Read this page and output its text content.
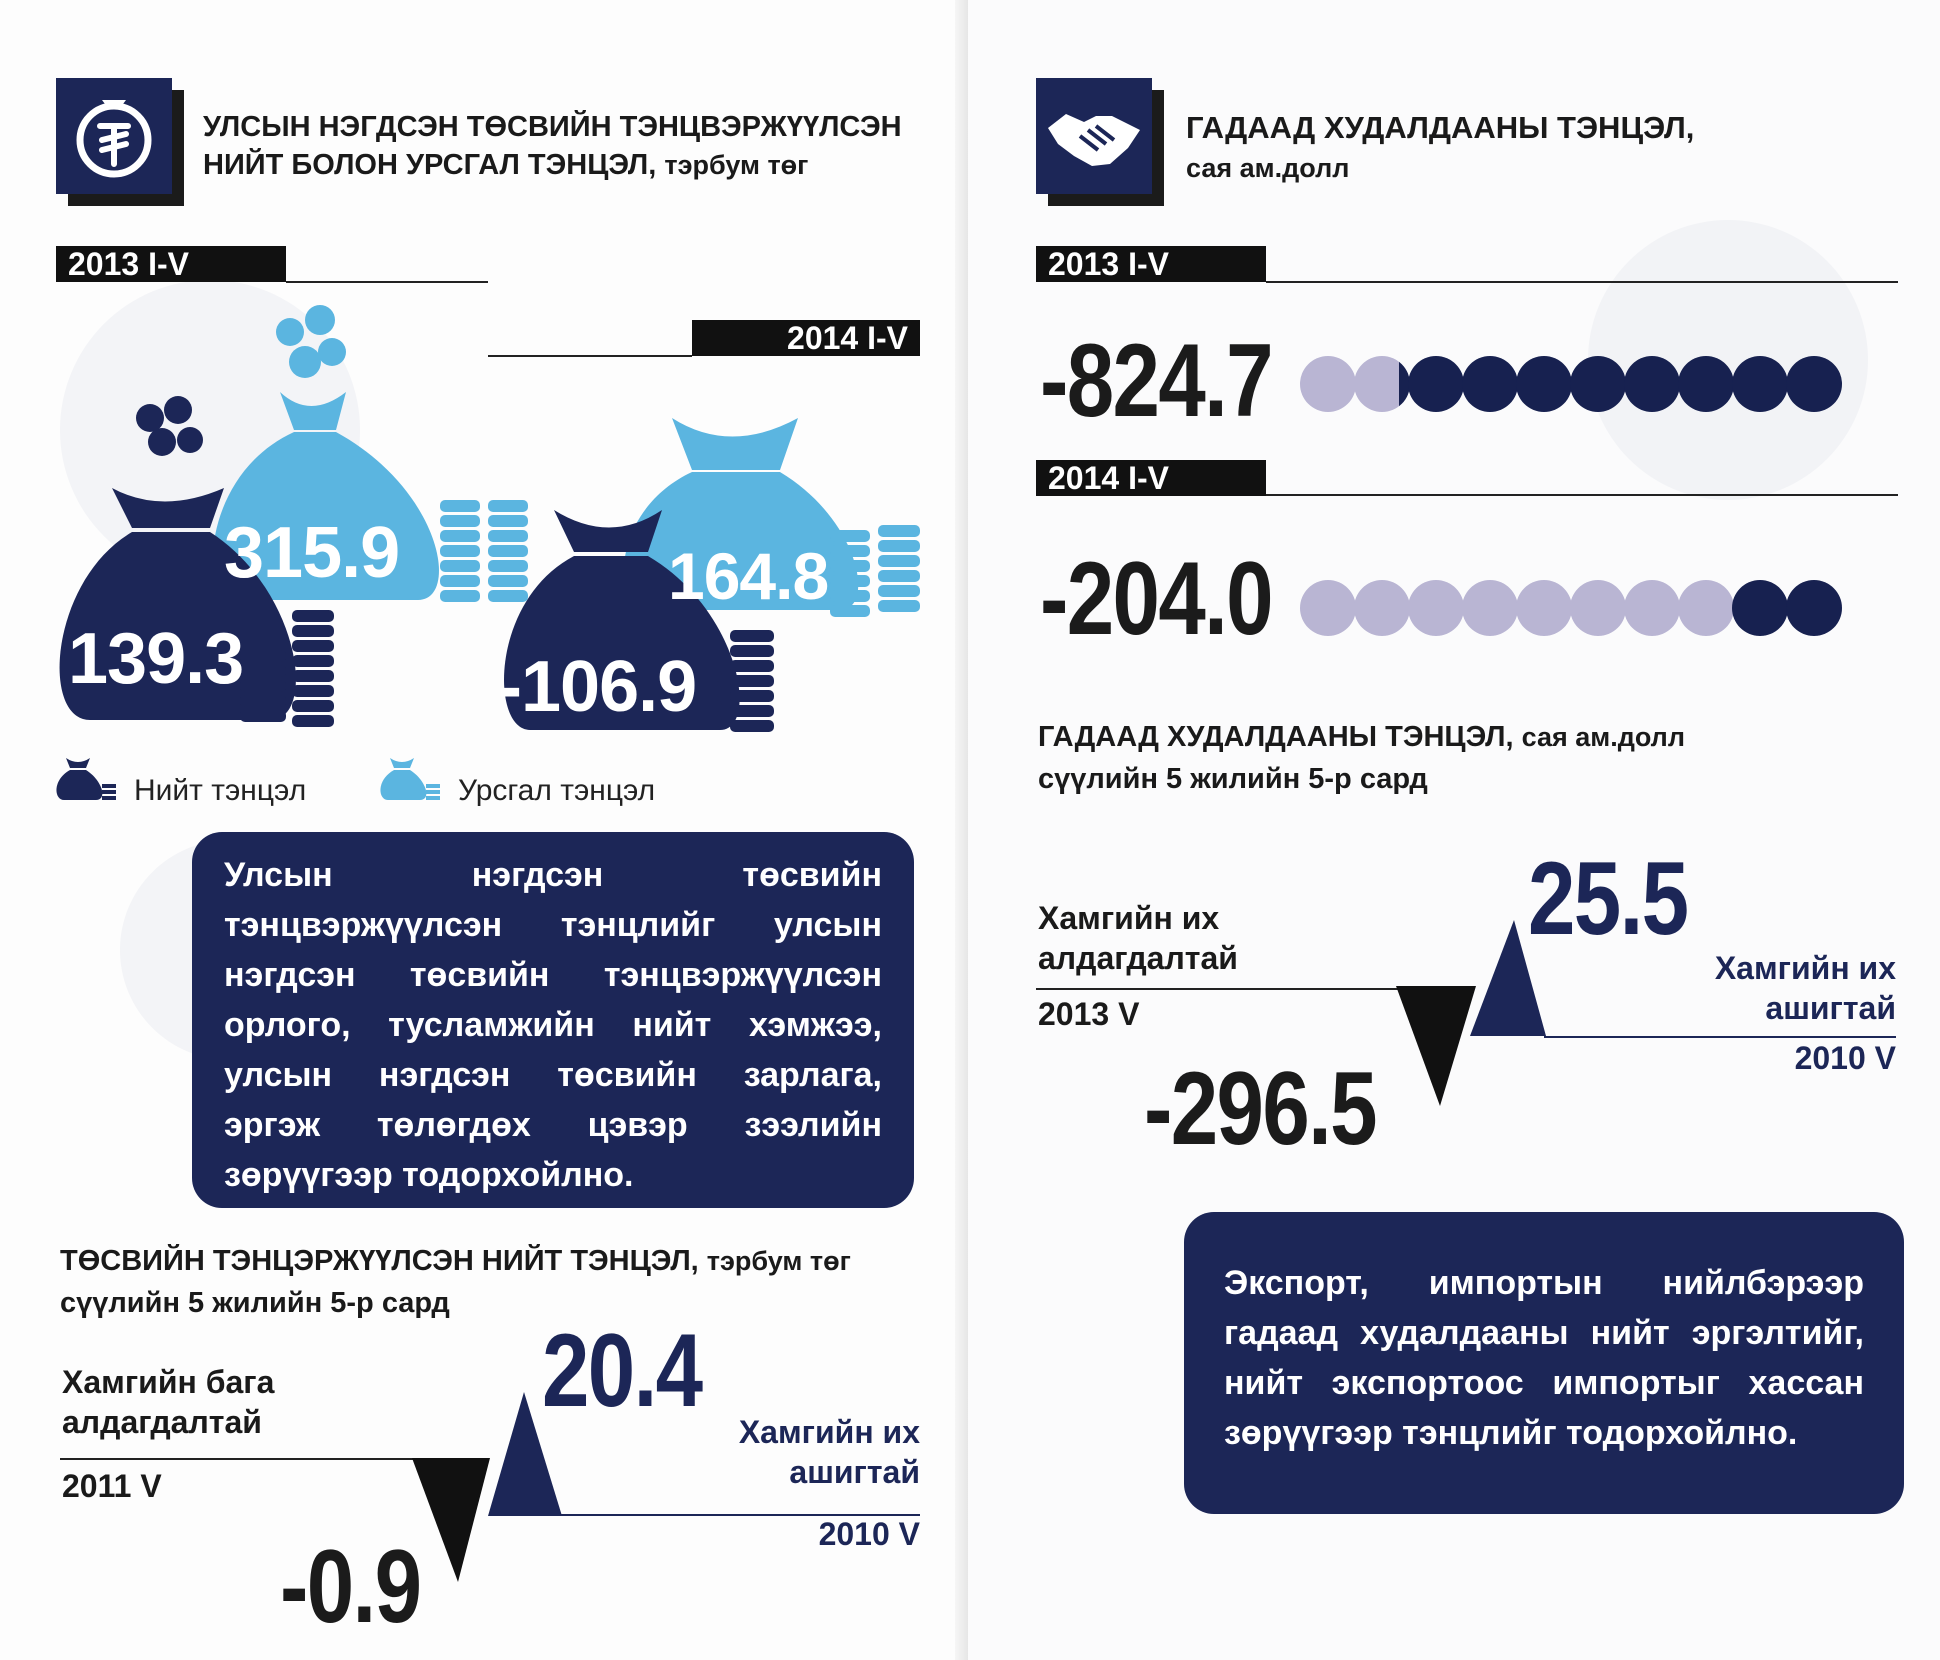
УЛСЫН НЭГДСЭН ТӨСВИЙН ТЭНЦВЭРЖҮҮЛСЭН
НИЙТ БОЛОН УРСГАЛ ТЭНЦЭЛ, тэрбум төг
2013 I-V
2014 I-V
315.9
139.3
164.8
-106.9
Нийт тэнцэл	Урсгал тэнцэл

Улсын нэгдсэн төсвийн

тэнцвэржүүлсэн тэнцлийг улсын

нэгдсэн төсвийн тэнцвэржүүлсэн

орлого, тусламжийн нийт хэмжээ,

улсын нэгдсэн төсвийн зарлага,

эргэж төлөгдөх цэвэр зээлийн

зөрүүгээр тодорхойлно.

ТӨСВИЙН ТЭНЦЭРЖҮҮЛСЭН НИЙТ ТЭНЦЭЛ, тэрбум төг
сүүлийн 5 жилийн 5-р сард
Хамгийн бага
алдагдалтай
2011 V
-0.9
20.4
Хамгийн их
ашигтай
2010 V
ГАДААД ХУДАЛДААНЫ ТЭНЦЭЛ,
сая ам.долл
2013 I-V
-824.7
2014 I-V
-204.0
ГАДААД ХУДАЛДААНЫ ТЭНЦЭЛ, сая ам.долл
сүүлийн 5 жилийн 5-р сард
Хамгийн их
алдагдалтай
2013 V
-296.5
25.5
Хамгийн их
ашигтай
2010 V

Экспорт, импортын нийлбэрээр

гадаад худалдааны нийт эргэлтийг,

нийт экспортоос импортыг хассан

зөрүүгээр тэнцлийг тодорхойлно.
